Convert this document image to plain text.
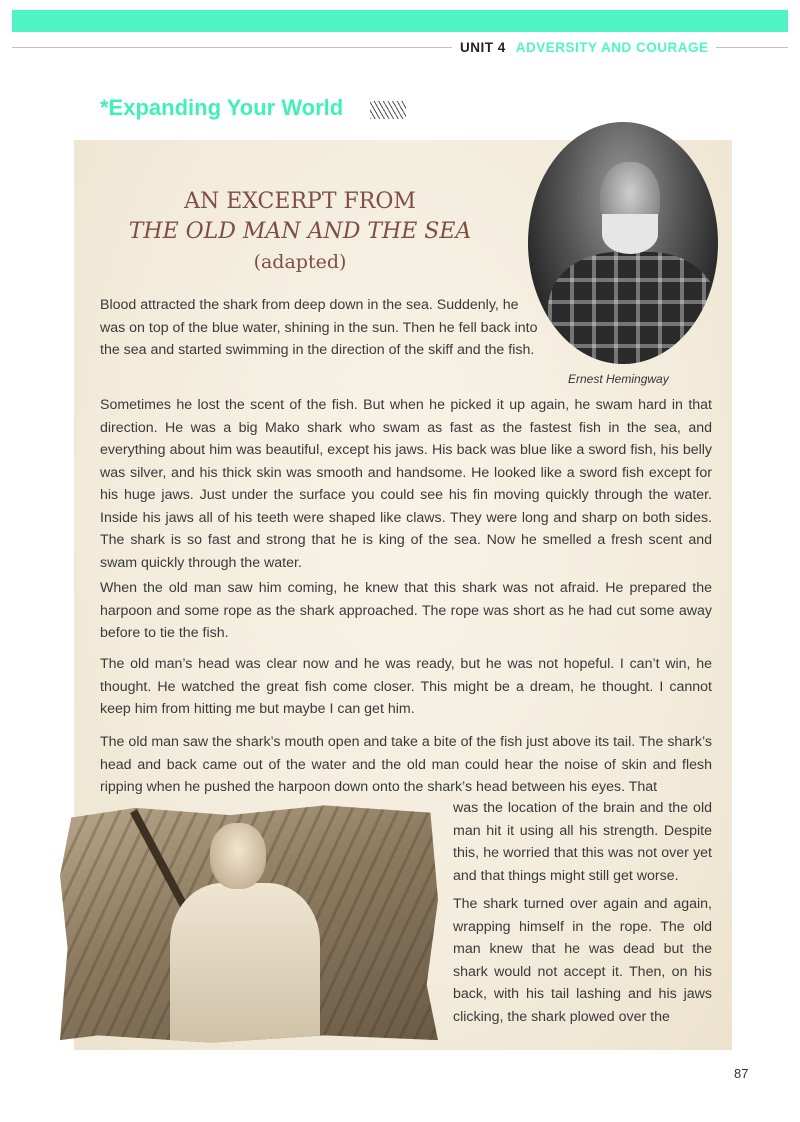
UNIT 4 ADVERSITY AND COURAGE
*Expanding Your World
AN EXCERPT FROM
THE OLD MAN AND THE SEA
(adapted)
Ernest Hemingway

Blood attracted the shark from deep down in the sea. Suddenly, he was on top of the blue water, shining in the sun. Then he fell back into the sea and started swimming in the direction of the skiff and the fish.

Sometimes he lost the scent of the fish. But when he picked it up again, he swam hard in that direction. He was a big Mako shark who swam as fast as the fastest fish in the sea, and everything about him was beautiful, except his jaws. His back was blue like a sword fish, his belly was silver, and his thick skin was smooth and handsome. He looked like a sword fish except for his huge jaws. Just under the surface you could see his fin moving quickly through the water. Inside his jaws all of his teeth were shaped like claws. They were long and sharp on both sides. The shark is so fast and strong that he is king of the sea. Now he smelled a fresh scent and swam quickly through the water.

When the old man saw him coming, he knew that this shark was not afraid. He prepared the harpoon and some rope as the shark approached. The rope was short as he had cut some away before to tie the fish.

The old man’s head was clear now and he was ready, but he was not hopeful. I can’t win, he thought. He watched the great fish come closer. This might be a dream, he thought. I cannot keep him from hitting me but maybe I can get him.

The old man saw the shark’s mouth open and take a bite of the fish just above its tail. The shark’s head and back came out of the water and the old man could hear the noise of skin and flesh ripping when he pushed the harpoon down onto the shark’s head between his eyes. That

was the location of the brain and the old man hit it using all his strength. Despite this, he worried that this was not over yet and that things might still get worse.

The shark turned over again and again, wrapping himself in the rope. The old man knew that he was dead but the shark would not accept it. Then, on his back, with his tail lashing and his jaws clicking, the shark plowed over the

87
